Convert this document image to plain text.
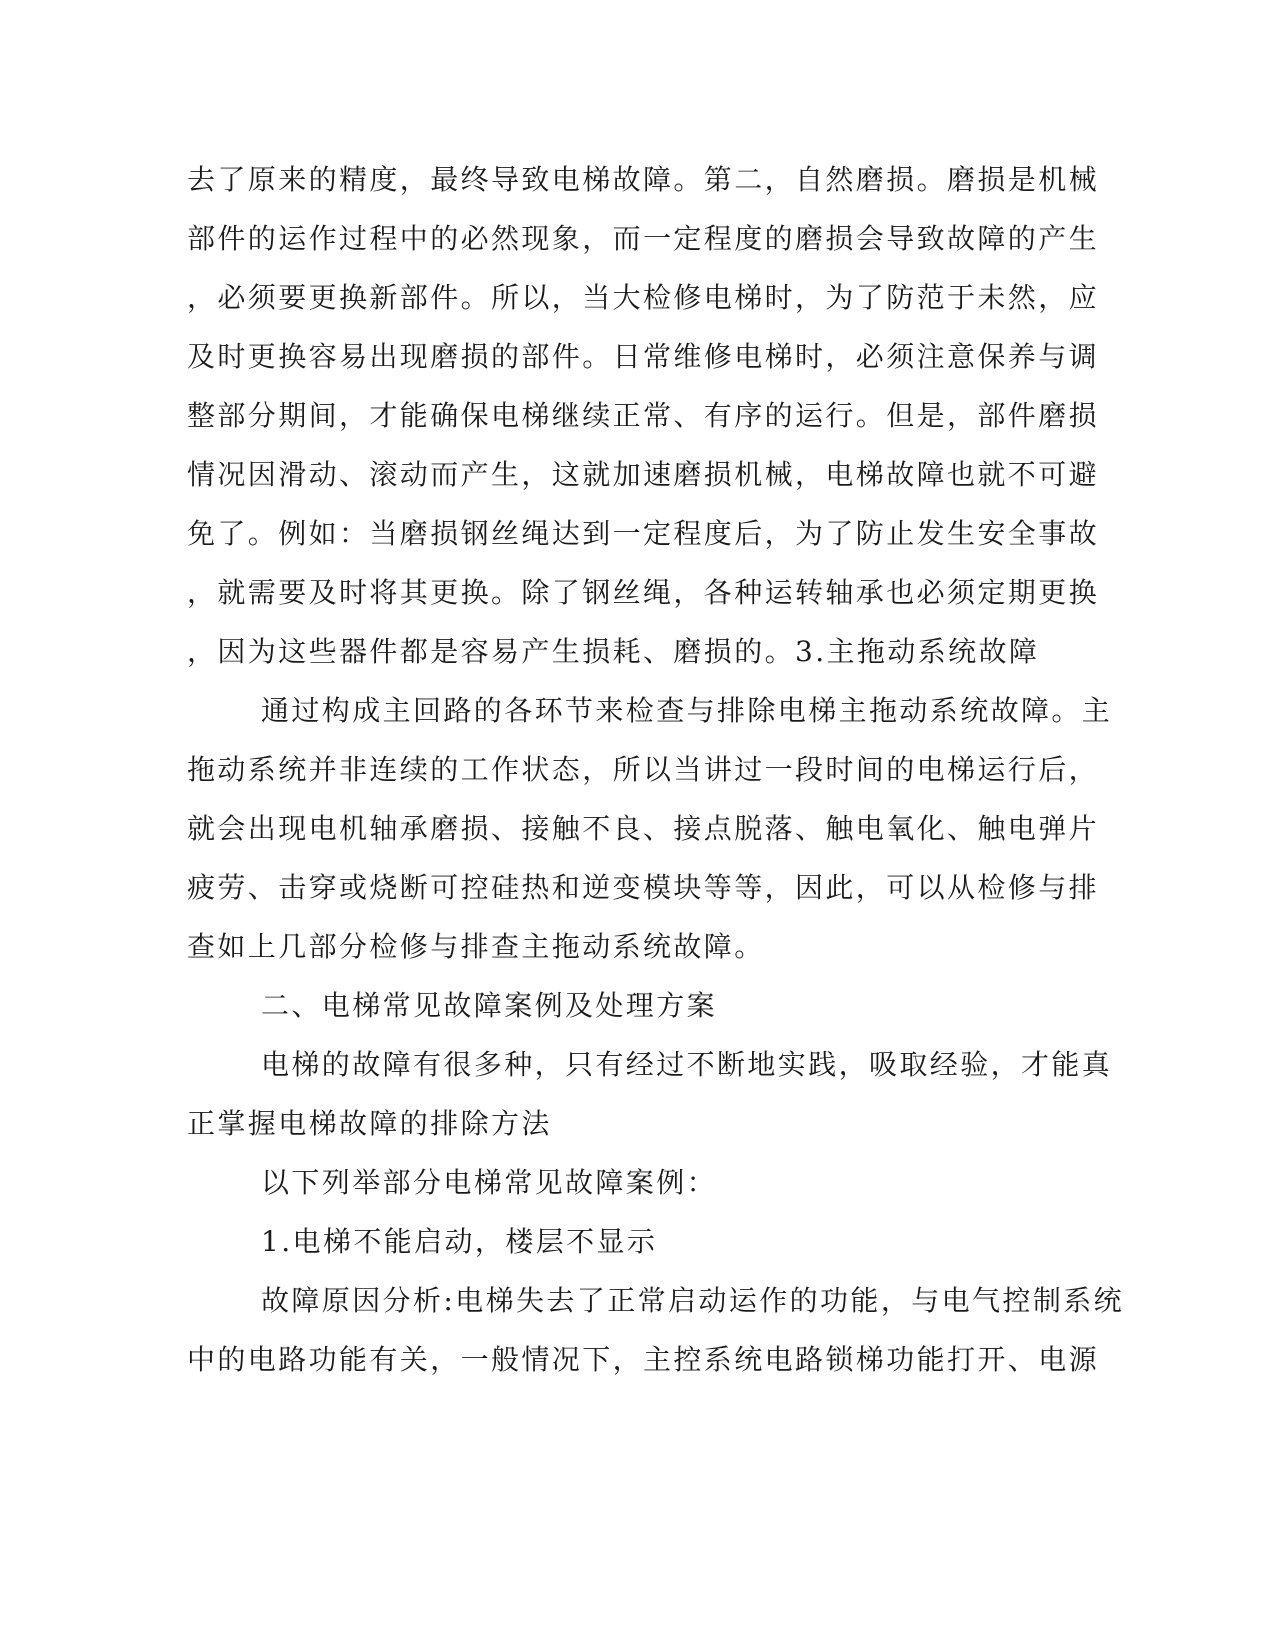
去了原来的精度，最终导致电梯故障。第二，自然磨损。磨损是机械
部件的运作过程中的必然现象，而一定程度的磨损会导致故障的产生
，必须要更换新部件。所以，当大检修电梯时，为了防范于未然，应
及时更换容易出现磨损的部件。日常维修电梯时，必须注意保养与调
整部分期间，才能确保电梯继续正常、有序的运行。但是，部件磨损
情况因滑动、滚动而产生，这就加速磨损机械，电梯故障也就不可避
免了。例如：当磨损钢丝绳达到一定程度后，为了防止发生安全事故
，就需要及时将其更换。除了钢丝绳，各种运转轴承也必须定期更换
，因为这些器件都是容易产生损耗、磨损的。3.主拖动系统故障
通过构成主回路的各环节来检查与排除电梯主拖动系统故障。主
拖动系统并非连续的工作状态，所以当讲过一段时间的电梯运行后，
就会出现电机轴承磨损、接触不良、接点脱落、触电氧化、触电弹片
疲劳、击穿或烧断可控硅热和逆变模块等等，因此，可以从检修与排
查如上几部分检修与排查主拖动系统故障。
二、电梯常见故障案例及处理方案
电梯的故障有很多种，只有经过不断地实践，吸取经验，才能真
正掌握电梯故障的排除方法
以下列举部分电梯常见故障案例：
1.电梯不能启动，楼层不显示
故障原因分析:电梯失去了正常启动运作的功能，与电气控制系统
中的电路功能有关，一般情况下，主控系统电路锁梯功能打开、电源
